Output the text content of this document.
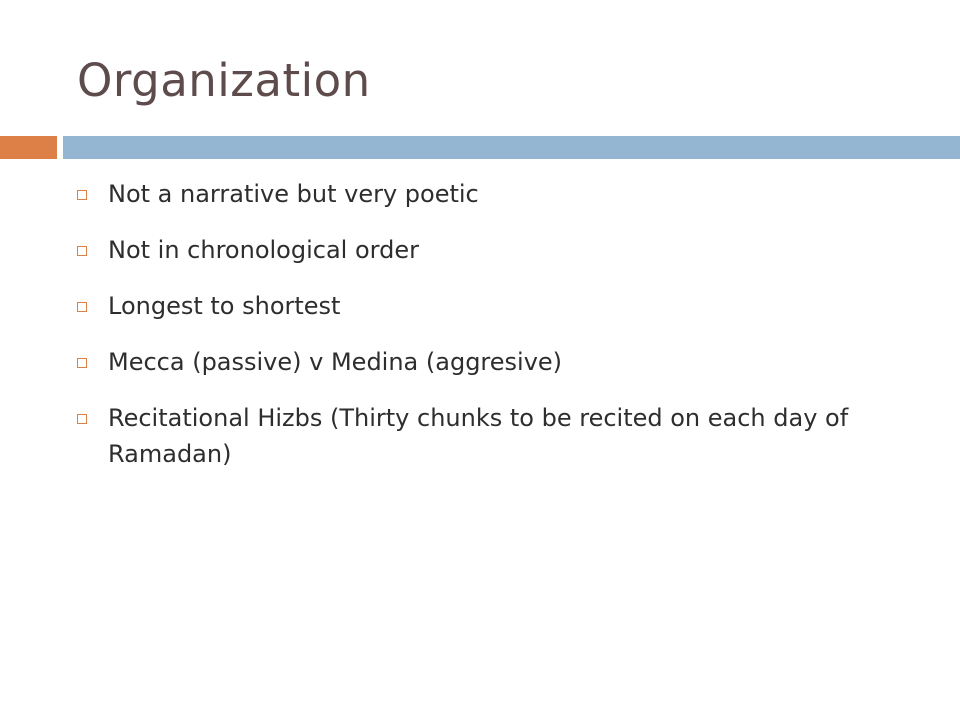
Organization
Not a narrative but very poetic
Not in chronological order
Longest to shortest
Mecca (passive) v Medina (aggresive)
Recitational Hizbs (Thirty chunks to be recited on each day of Ramadan)
